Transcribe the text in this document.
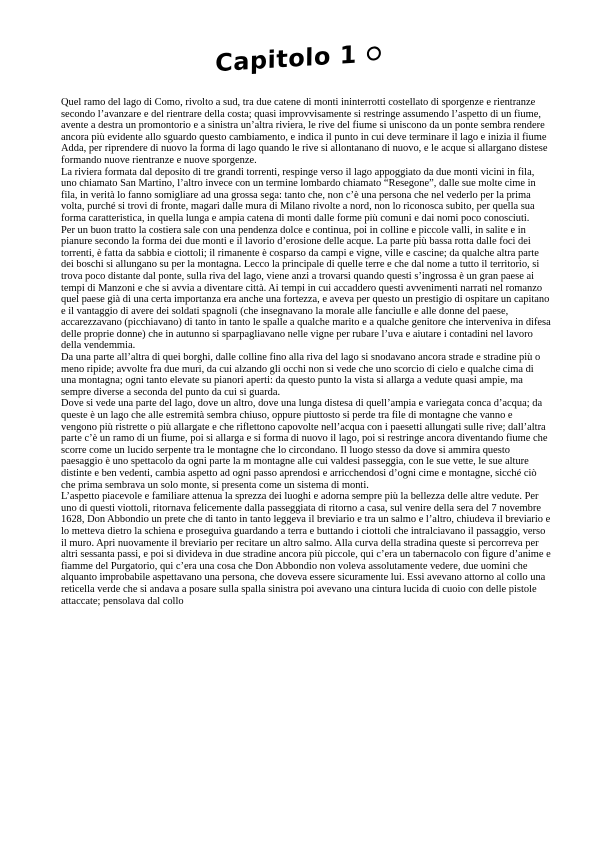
Capitolo 1

Quel ramo del lago di Como, rivolto a sud, tra due catene di monti ininterrotti costellato di sporgenze e rientranze secondo l’avanzare e del rientrare della costa; quasi improvvisamente si restringe assumendo l’aspetto di un fiume, avente a destra un promontorio e a sinistra un’altra riviera, le rive del fiume si uniscono da un ponte sembra rendere ancora più evidente allo sguardo questo cambiamento, e indica il punto in cui deve terminare il lago e inizia il fiume Adda, per riprendere di nuovo la forma di lago quando le rive si allontanano di nuovo, e le acque si allargano distese formando nuove rientranze e nuove sporgenze.

La riviera formata dal deposito di tre grandi torrenti, respinge verso il lago appoggiato da due monti vicini in fila, uno chiamato San Martino, l’altro invece con un termine lombardo chiamato “Resegone”, dalle sue molte cime in fila, in verità lo fanno somigliare ad una grossa sega: tanto che, non c’è una persona che nel vederlo per la prima volta, purché si trovi di fronte, magari dalle mura di Milano rivolte a nord, non lo riconosca subito, per quella sua forma caratteristica, in quella lunga e ampia catena di monti dalle forme più comuni e dai nomi poco conosciuti.

Per un buon tratto la costiera sale con una pendenza dolce e continua, poi in colline e piccole valli, in salite e in pianure secondo la forma dei due monti e il lavorio d’erosione delle acque. La parte più bassa rotta dalle foci dei torrenti, è fatta da sabbia e ciottoli; il rimanente è cosparso da campi e vigne, ville e cascine; da qualche altra parte dei boschi si allungano su per la montagna. Lecco la principale di quelle terre e che dal nome a tutto il territorio, si trova poco distante dal ponte, sulla riva del lago, viene anzi a trovarsi quando questi s’ingrossa è un gran paese ai tempi di Manzoni e che si avvia a diventare città. Ai tempi in cui accaddero questi avvenimenti narrati nel romanzo quel paese già di una certa importanza era anche una fortezza, e aveva per questo un prestigio di ospitare un capitano e il vantaggio di avere dei soldati spagnoli (che insegnavano la morale alle fanciulle e alle donne del paese, accarezzavano (picchiavano) di tanto in tanto le spalle a qualche marito e a qualche genitore che interveniva in difesa delle proprie donne) che in autunno si sparpagliavano nelle vigne per rubare l’uva e aiutare i contadini nel lavoro della vendemmia.

Da una parte all’altra di quei borghi, dalle colline fino alla riva del lago si snodavano ancora strade e stradine più o meno ripide; avvolte fra due muri, da cui alzando gli occhi non si vede che uno scorcio di cielo e qualche cima di una montagna; ogni tanto elevate su pianori aperti: da questo punto la vista si allarga a vedute quasi ampie, ma sempre diverse a seconda del punto da cui si guarda.

Dove si vede una parte del lago, dove un altro, dove una lunga distesa di quell’ampia e variegata conca d’acqua; da queste è un lago che alle estremità sembra chiuso, oppure piuttosto si perde tra file di montagne che vanno e vengono più ristrette o più allargate e che riflettono capovolte nell’acqua con i paesetti allungati sulle rive; dall’altra parte c’è un ramo di un fiume, poi si allarga e si forma di nuovo il lago, poi si restringe ancora diventando fiume che scorre come un lucido serpente tra le montagne che lo circondano. Il luogo stesso da dove si ammira questo paesaggio è uno spettacolo da ogni parte la m montagne alle cui valdesi passeggia, con le sue vette, le sue alture distinte e ben vedenti, cambia aspetto ad ogni passo aprendosi e arricchendosi d’ogni cime e montagne, sicché ciò che prima sembrava un solo monte, si presenta come un sistema di monti.

L’aspetto piacevole e familiare attenua la sprezza dei luoghi e adorna sempre più la bellezza delle altre vedute. Per uno di questi viottoli, ritornava felicemente dalla passeggiata di ritorno a casa, sul venire della sera del 7 novembre 1628, Don Abbondio un prete che di tanto in tanto leggeva il breviario e tra un salmo e l’altro, chiudeva il breviario e lo metteva dietro la schiena e proseguiva guardando a terra e buttando i ciottoli che intralciavano il passaggio, verso il muro. Apri nuovamente il breviario per recitare un altro salmo. Alla curva della stradina queste si percorreva per altri sessanta passi, e poi si divideva in due stradine ancora più piccole, qui c’era un tabernacolo con figure d’anime e fiamme del Purgatorio, qui c’era una cosa che Don Abbondio non voleva assolutamente vedere, due uomini che alquanto improbabile aspettavano una persona, che doveva essere sicuramente lui. Essi avevano attorno al collo una reticella verde che si andava a posare sulla spalla sinistra poi avevano una cintura lucida di cuoio con delle pistole attaccate; pensolava dal collo
